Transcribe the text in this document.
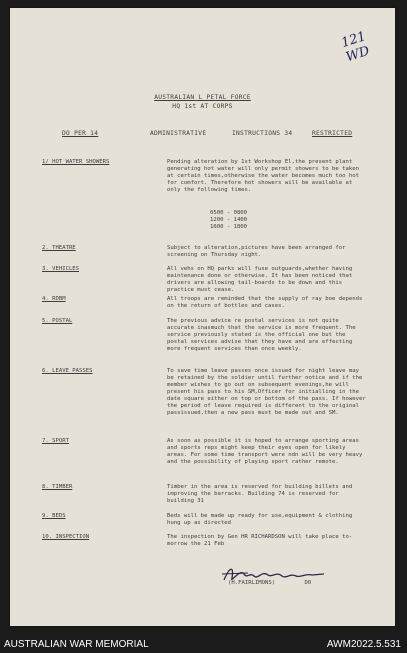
121 WD
AUSTRALIAN L PETAL FORCE
HQ 1st AT CORPS
DO PER 14	ADMINISTRATIVE	INSTRUCTIONS 34	RESTRICTED
1/ HOT WATER SHOWERS	Pending alteration by 1st Workshop El,the present plant generating hot water will only permit showers to be taken at certain times,otherwise the water becomes much too hot for comfort. Therefore hot showers will be available at only the following times.
0500 - 0800
1200 - 1400
1600 - 1800
2. THEATRE	Subject to alteration,pictures have been arranged for screening on Thursday night.
3. VEHICLES	All vehs on HQ parks will fuse outguards,whether having maintenance done or otherwise. It has been noticed that drivers are allowing tail-boards to be down and this practice must cease.
4. RDBM	All troops are reminded that the supply of ray boe depends on the return of bottles and cases.
5. POSTAL	The previous advice re postal services is not quite accurate inasmuch that the service is more frequent. The service previously stated is the official one but the postal services advise that they have and are effecting more frequent services than once weekly.
6. LEAVE PASSES	To save time leave passes once issued for night leave may be retained by the soldier until further notice and if the member wishes to go out on subsequent evenings,he will present his pass to his SM,Officer for initialling in the date square either on top or bottom of the pass. If however the period of leave required is different to the original passissued,then a new pass must be made out and SM.
7. SPORT	As soon as possible it is hoped to arrange sporting areas and sports reps might keep their eyes open for likely areas. For some time transport were ndn will be very heavy and the possibility of playing sport rather remote.
8. TIMBER	Timber in the area is reserved for building billets and improving the barracks. Building 74 is reserved for building 31
9. BEDS	Beds will be made up ready for use,equipment & clothing hung up as directed
10. INSPECTION	The inspection by Gen HR RICHARDSON will take place to-morrow the 21 Feb
(H.FAIRLIMONS)	D0
AUSTRALIAN WAR MEMORIAL	AWM2022.5.531
